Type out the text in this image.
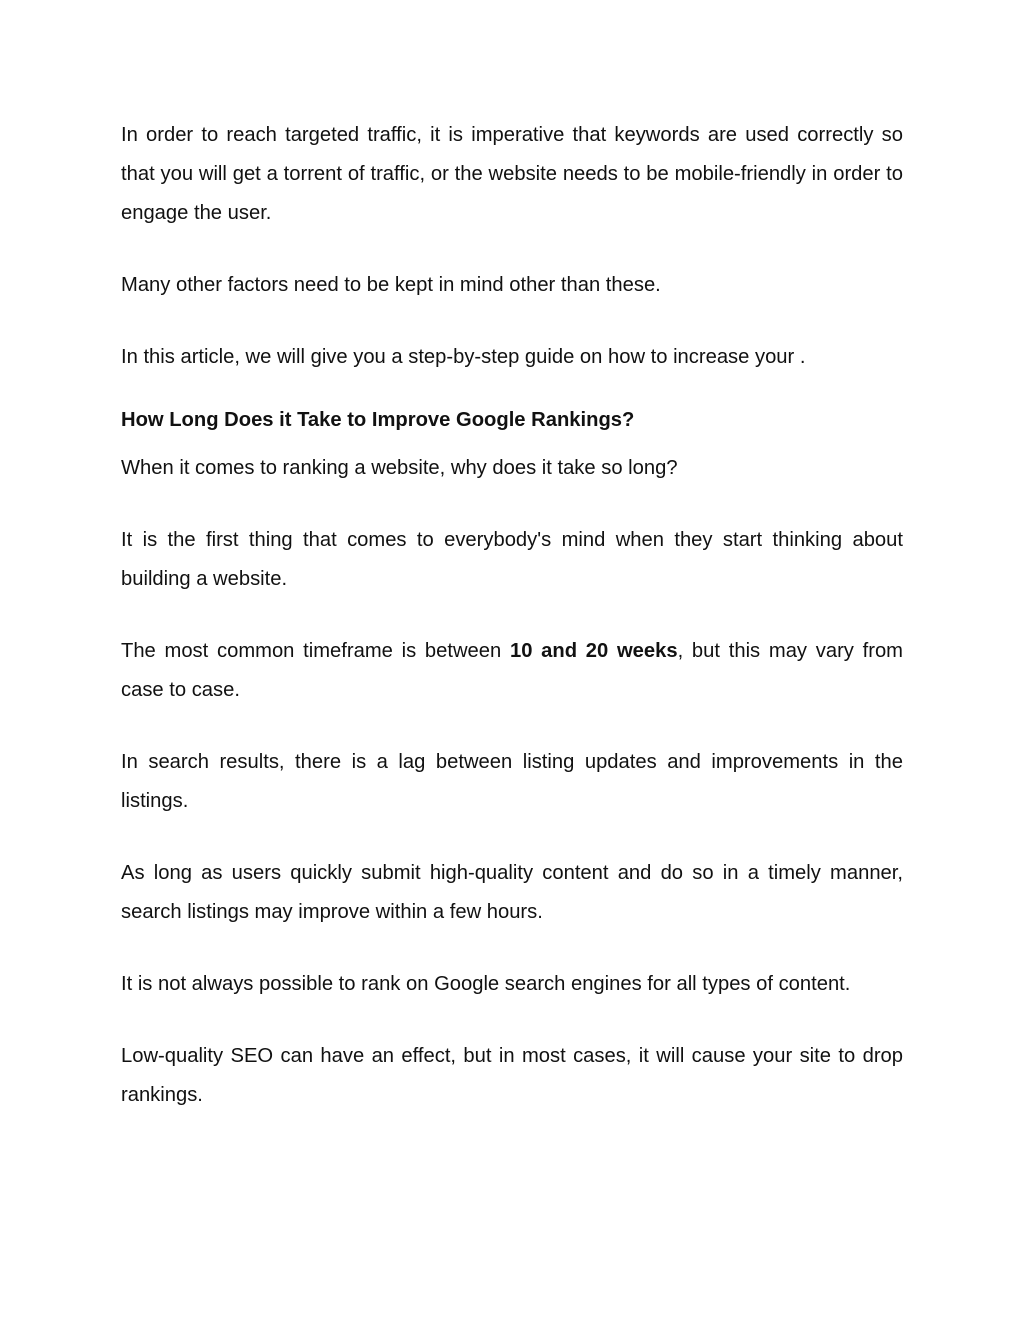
In order to reach targeted traffic, it is imperative that keywords are used correctly so that you will get a torrent of traffic, or the website needs to be mobile-friendly in order to engage the user.

Many other factors need to be kept in mind other than these.

In this article, we will give you a step-by-step guide on how to increase your .

How Long Does it Take to Improve Google Rankings?

When it comes to ranking a website, why does it take so long?

It is the first thing that comes to everybody's mind when they start thinking about building a website.

The most common timeframe is between 10 and 20 weeks, but this may vary from case to case.

In search results, there is a lag between listing updates and improvements in the listings.

As long as users quickly submit high-quality content and do so in a timely manner, search listings may improve within a few hours.

It is not always possible to rank on Google search engines for all types of content.

Low-quality SEO can have an effect, but in most cases, it will cause your site to drop rankings.
